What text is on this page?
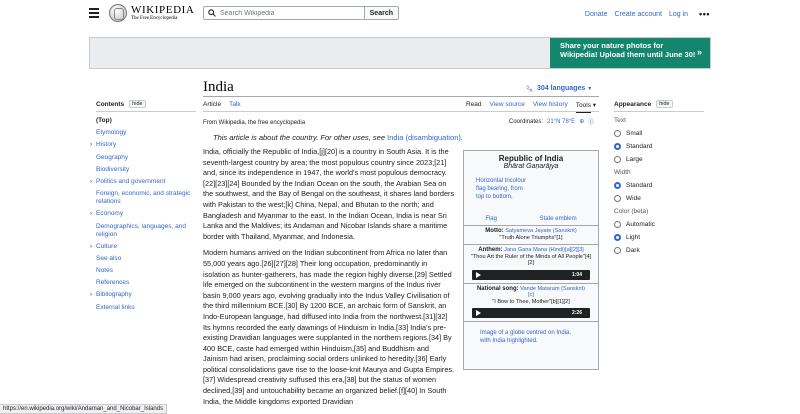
WIKIPEDIA
The Free Encyclopedia
Search Wikipedia
Search	Donate Create account Log in •••
Share your nature photos for Wikipedia! Upload them until June 30! »
India	文 A 304 languages ▾
Article Talk	Read View source View history Tools ▾
Contents	hide
(Top)
Etymology
› History
Geography
Biodiversity
› Politics and government
Foreign, economic, and strategic relations
› Economy
Demographics, languages, and religion
› Culture
See also
Notes
References
› Bibliography
External links
From Wikipedia, the free encyclopedia	Coordinates: 21°N 78°E ⊕ Ⓔ
This article is about the country. For other uses, see India (disambiguation).

India, officially the Republic of India,[j][20] is a country in South Asia. It is the seventh-largest country by area; the most populous country since 2023;[21] and, since its independence in 1947, the world's most populous democracy.[22][23][24] Bounded by the Indian Ocean on the south, the Arabian Sea on the southwest, and the Bay of Bengal on the southeast, it shares land borders with Pakistan to the west;[k] China, Nepal, and Bhutan to the north; and Bangladesh and Myanmar to the east. In the Indian Ocean, India is near Sri Lanka and the Maldives; its Andaman and Nicobar Islands share a maritime border with Thailand, Myanmar, and Indonesia.

Modern humans arrived on the Indian subcontinent from Africa no later than 55,000 years ago.[26][27][28] Their long occupation, predominantly in isolation as hunter-gatherers, has made the region highly diverse.[29] Settled life emerged on the subcontinent in the western margins of the Indus river basin 9,000 years ago, evolving gradually into the Indus Valley Civilisation of the third millennium BCE.[30] By 1200 BCE, an archaic form of Sanskrit, an Indo-European language, had diffused into India from the northwest.[31][32] Its hymns recorded the early dawnings of Hinduism in India.[33] India's pre-existing Dravidian languages were supplanted in the northern regions.[34] By 400 BCE, caste had emerged within Hinduism,[35] and Buddhism and Jainism had arisen, proclaiming social orders unlinked to heredity.[36] Early political consolidations gave rise to the loose-knit Maurya and Gupta Empires.[37] Widespread creativity suffused this era,[38] but the status of women declined,[39] and untouchability became an organized belief.[f][40] In South India, the Middle kingdoms exported Dravidian

Republic of India
Bhārat Gaṇarājya
Horizontal tricolour flag bearing, from top to bottom,
Flag	State emblem
Motto: Satyameva Jayate (Sanskrit)
"Truth Alone Triumphs"[1]
Anthem: Jana Gana Mana (Hindi)[a][2][3]
"Thou Art the Ruler of the Minds of All People"[4][2]
1:04
National song: Vande Mataram (Sanskrit)
[c]
"I Bow to Thee, Mother"[b][1][2]
2:26
Image of a globe centred on India, with India highlighted.
Appearance	hide
Text
Small
Standard
Large
Width
Standard
Wide
Color (beta)
Automatic
Light
Dark
https://en.wikipedia.org/wiki/Andaman_and_Nicobar_Islands
